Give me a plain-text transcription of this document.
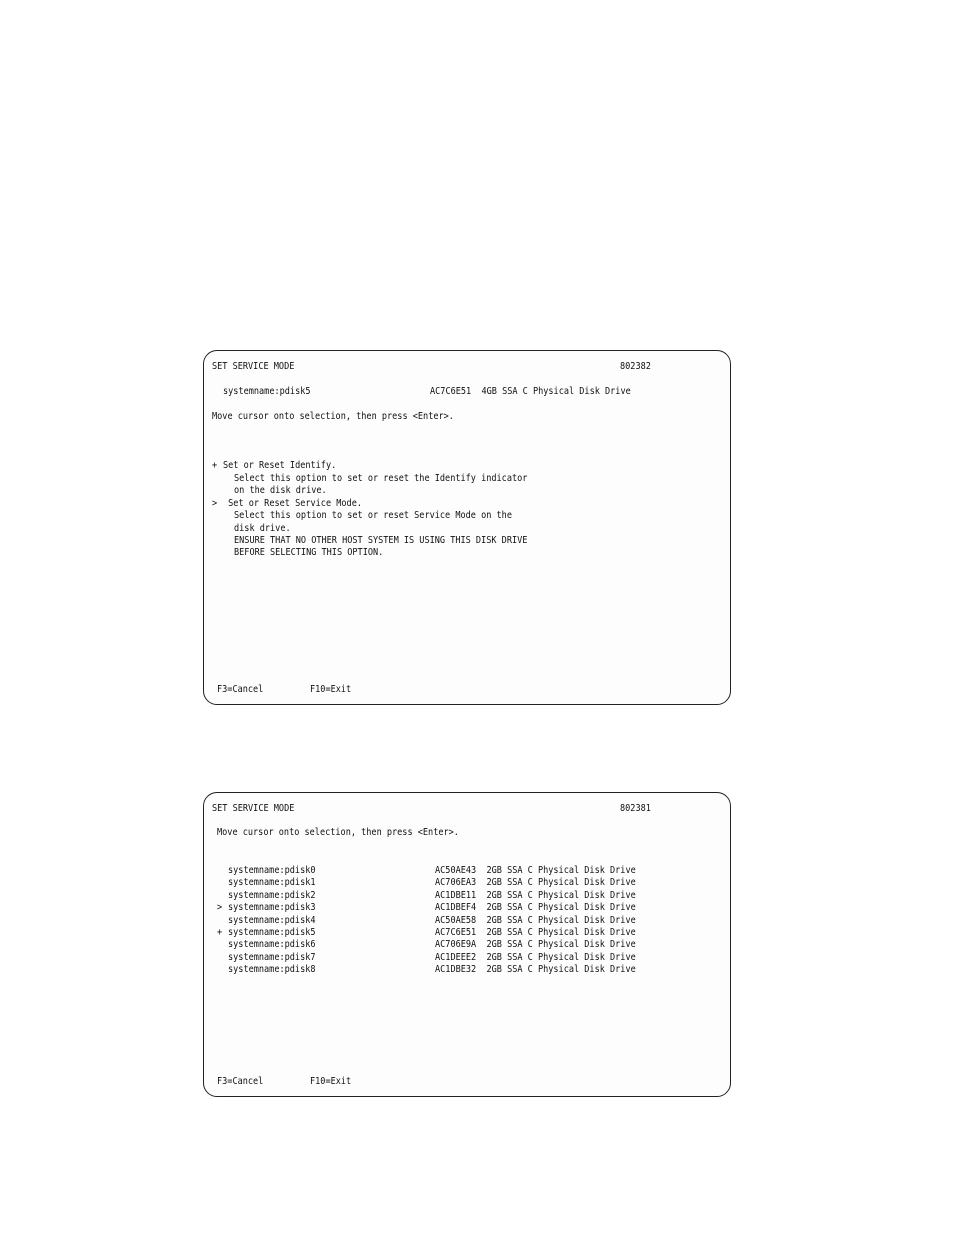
SET SERVICE MODE	802382
systemname:pdisk5	AC7C6E51  4GB SSA C Physical Disk Drive
Move cursor onto selection, then press <Enter>.
+ Set or Reset Identify.
Select this option to set or reset the Identify indicator
on the disk drive.
> Set or Reset Service Mode.
Select this option to set or reset Service Mode on the
disk drive.
ENSURE THAT NO OTHER HOST SYSTEM IS USING THIS DISK DRIVE
BEFORE SELECTING THIS OPTION.
F3=Cancel	F10=Exit
SET SERVICE MODE	802381
Move cursor onto selection, then press <Enter>.

systemname:pdisk0	AC50AE43  2GB SSA C Physical Disk Drive

systemname:pdisk1	AC706EA3  2GB SSA C Physical Disk Drive

systemname:pdisk2	AC1DBE11  2GB SSA C Physical Disk Drive
> systemname:pdisk3	AC1DBEF4  2GB SSA C Physical Disk Drive

systemname:pdisk4	AC50AE58  2GB SSA C Physical Disk Drive
+ systemname:pdisk5	AC7C6E51  2GB SSA C Physical Disk Drive

systemname:pdisk6	AC706E9A  2GB SSA C Physical Disk Drive

systemname:pdisk7	AC1DEEE2  2GB SSA C Physical Disk Drive

systemname:pdisk8	AC1DBE32  2GB SSA C Physical Disk Drive
F3=Cancel	F10=Exit
